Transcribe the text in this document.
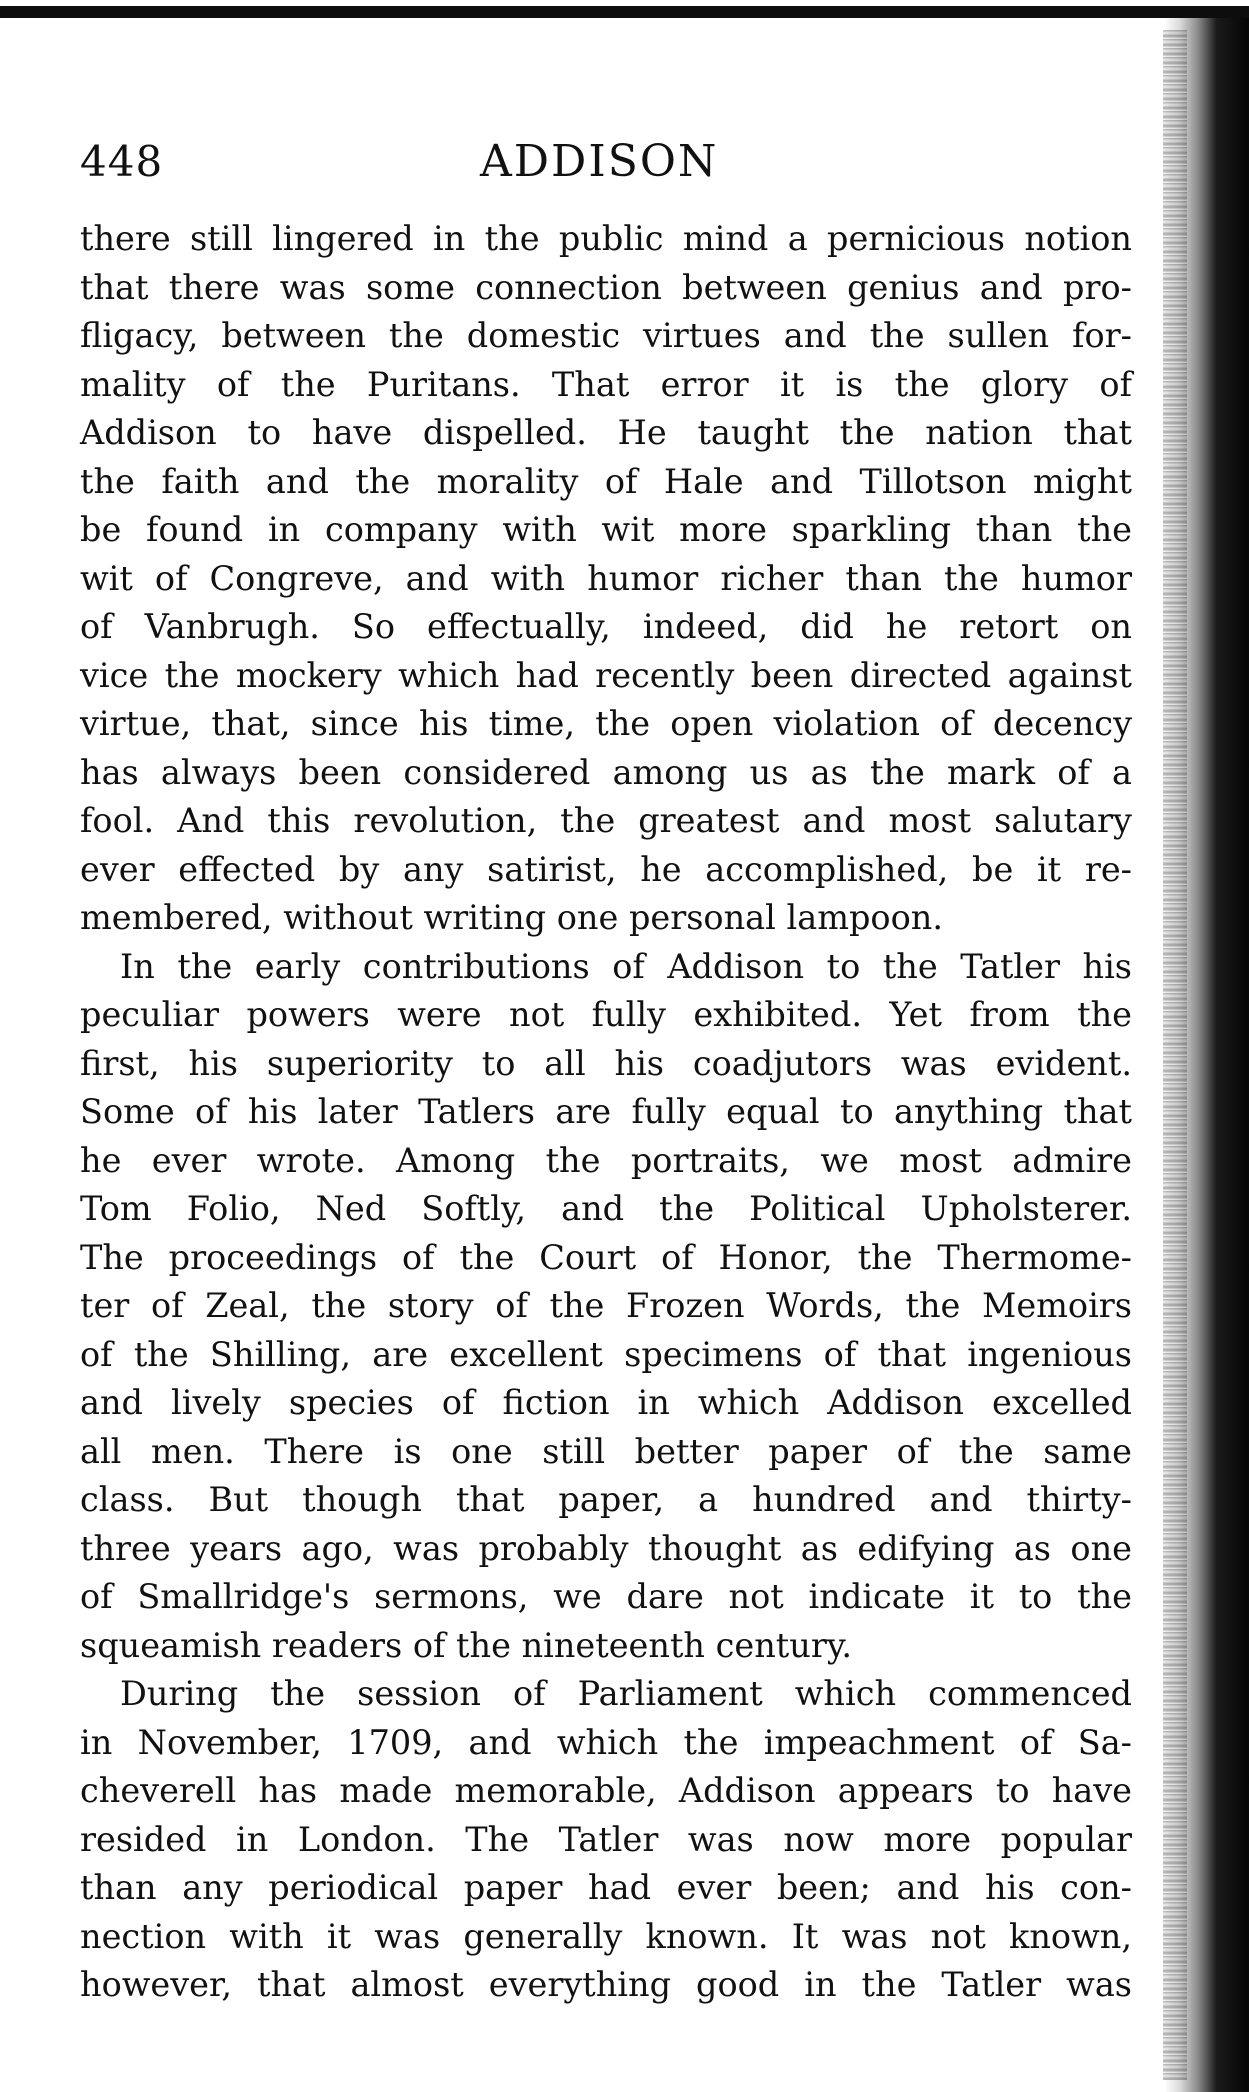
448	ADDISON
there still lingered in the public mind a pernicious notion
that there was some connection between genius and pro-
fligacy, between the domestic virtues and the sullen for-
mality of the Puritans. That error it is the glory of
Addison to have dispelled. He taught the nation that
the faith and the morality of Hale and Tillotson might
be found in company with wit more sparkling than the
wit of Congreve, and with humor richer than the humor
of Vanbrugh. So effectually, indeed, did he retort on
vice the mockery which had recently been directed against
virtue, that, since his time, the open violation of decency
has always been considered among us as the mark of a
fool. And this revolution, the greatest and most salutary
ever effected by any satirist, he accomplished, be it re-
membered, without writing one personal lampoon.
In the early contributions of Addison to the Tatler his
peculiar powers were not fully exhibited. Yet from the
first, his superiority to all his coadjutors was evident.
Some of his later Tatlers are fully equal to anything that
he ever wrote. Among the portraits, we most admire
Tom Folio, Ned Softly, and the Political Upholsterer.
The proceedings of the Court of Honor, the Thermome-
ter of Zeal, the story of the Frozen Words, the Memoirs
of the Shilling, are excellent specimens of that ingenious
and lively species of fiction in which Addison excelled
all men. There is one still better paper of the same
class. But though that paper, a hundred and thirty-
three years ago, was probably thought as edifying as one
of Smallridge's sermons, we dare not indicate it to the
squeamish readers of the nineteenth century.
During the session of Parliament which commenced
in November, 1709, and which the impeachment of Sa-
cheverell has made memorable, Addison appears to have
resided in London. The Tatler was now more popular
than any periodical paper had ever been; and his con-
nection with it was generally known. It was not known,
however, that almost everything good in the Tatler was
